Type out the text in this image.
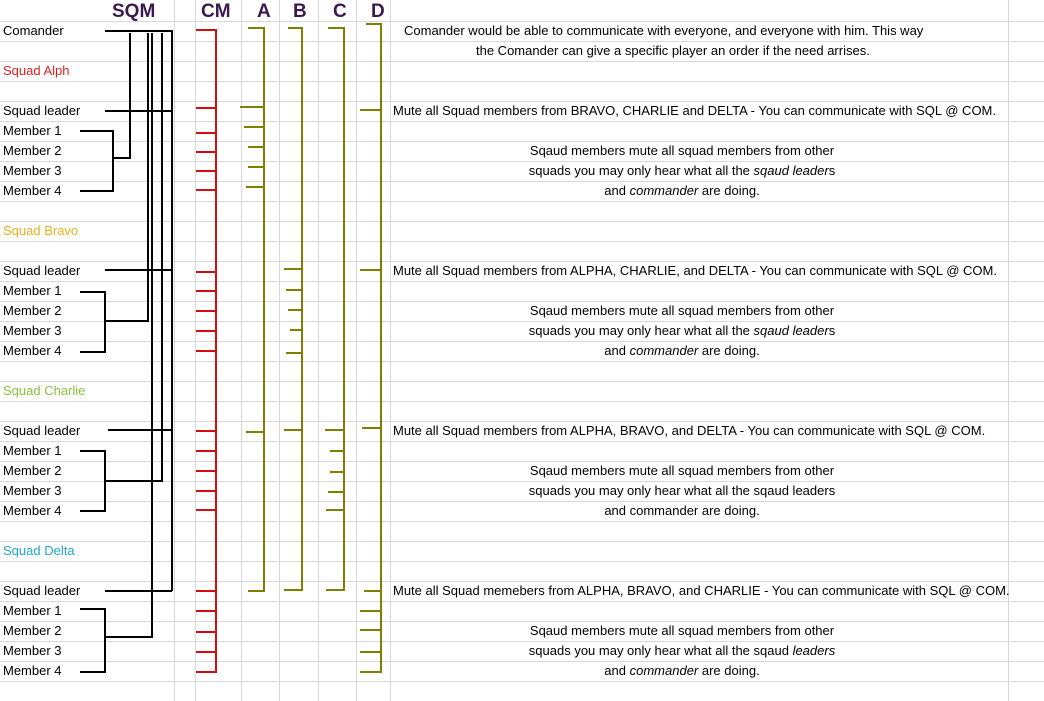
SQM CM A B C D
Comander	Comander would be able to communicate with everyone, and everyone with him. This way
the Comander can give a specific player an order if the need arrises.
Squad Alph
Squad leader
Member 1
Member 2
Member 3
Member 4
Mute all Squad members from BRAVO, CHARLIE and DELTA - You can communicate with SQL @ COM.
Sqaud members mute all squad members from other
squads you may only hear what all the sqaud leaders
and commander are doing.
Squad Bravo
Squad leader
Member 1
Member 2
Member 3
Member 4
Mute all Squad members from ALPHA, CHARLIE, and DELTA - You can communicate with SQL @ COM.
Sqaud members mute all squad members from other
squads you may only hear what all the sqaud leaders
and commander are doing.
Squad Charlie
Squad leader
Member 1
Member 2
Member 3
Member 4
Mute all Squad members from ALPHA, BRAVO, and DELTA - You can communicate with SQL @ COM.
Sqaud members mute all squad members from other
squads you may only hear what all the sqaud leaders
and commander are doing.
Squad Delta
Squad leader
Member 1
Member 2
Member 3
Member 4
Mute all Squad memebers from ALPHA, BRAVO, and CHARLIE - You can communicate with SQL @ COM.
Sqaud members mute all squad members from other
squads you may only hear what all the sqaud leaders
and commander are doing.
